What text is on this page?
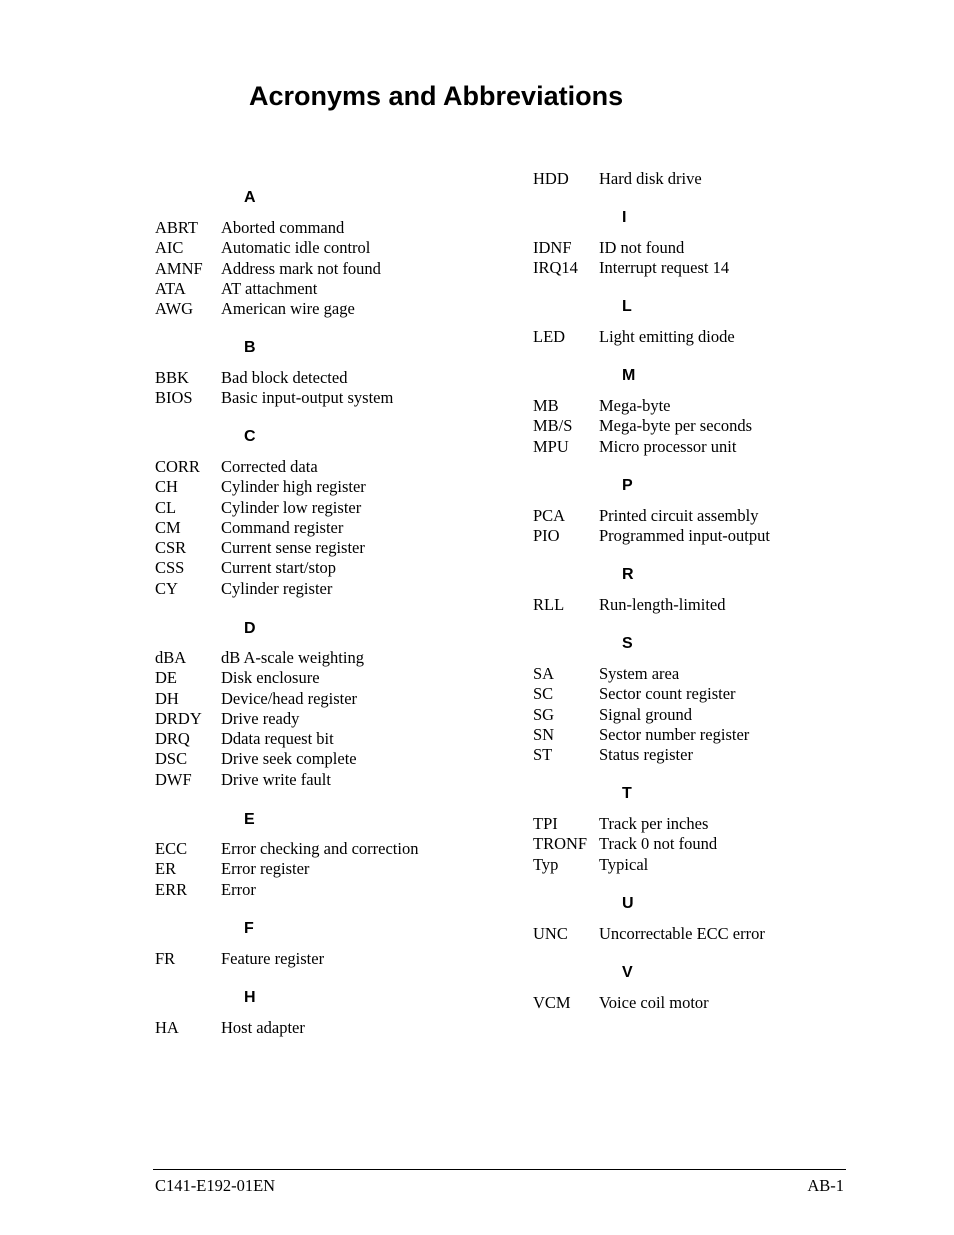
Acronyms and Abbreviations
A
ABRT Aborted command
AIC Automatic idle control
AMNF Address mark not found
ATA AT attachment
AWG American wire gage
B
BBK Bad block detected
BIOS Basic input-output system
C
CORR Corrected data
CH	Cylinder high register
CL	Cylinder low register
CM Command register
CSR Current sense register
CSS Current start/stop
CY	Cylinder register
D
dBA dB A-scale weighting
DE	Disk enclosure
DH	Device/head register
DRDY Drive ready
DRQ Ddata request bit
DSC Drive seek complete
DWF Drive write fault
E
ECC Error checking and correction
ER	Error register
ERR Error
F
FR	Feature register
H
HA	Host adapter
HDD Hard disk drive
I
IDNF ID not found
IRQ14 Interrupt request 14
L
LED Light emitting diode
M
MB Mega-byte
MB/S Mega-byte per seconds
MPU Micro processor unit
P
PCA Printed circuit assembly
PIO Programmed input-output
R
RLL Run-length-limited
S
SA	System area
SC	Sector count register
SG	Signal ground
SN	Sector number register
ST	Status register
T
TPI	Track per inches
TRONF Track 0 not found
Typ Typical
U
UNC Uncorrectable ECC error
V
VCM Voice coil motor
C141-E192-01EN	AB-1
